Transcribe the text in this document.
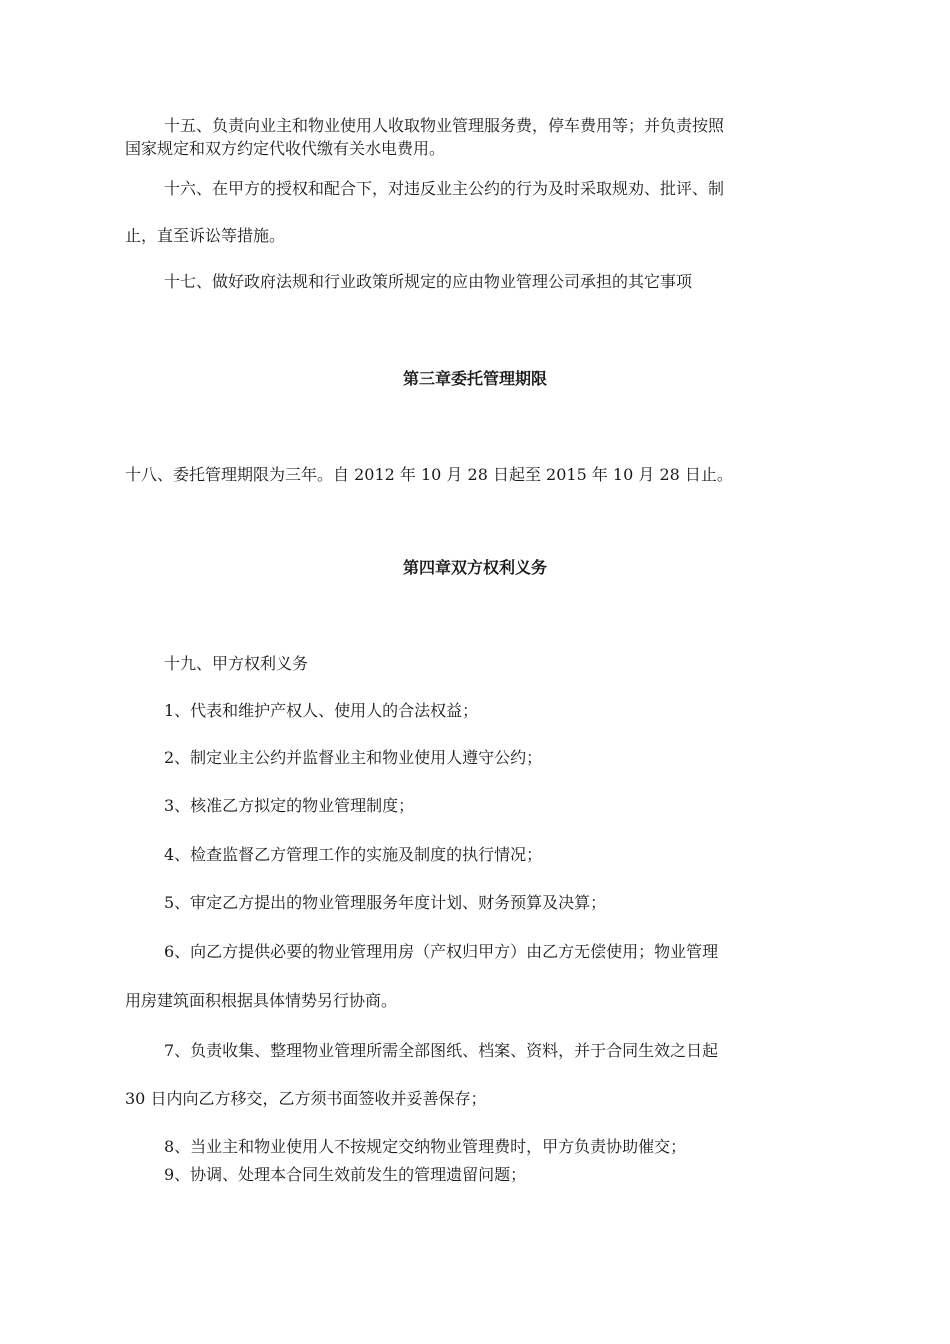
十五、负责向业主和物业使用人收取物业管理服务费，停车费用等；并负责按照
国家规定和双方约定代收代缴有关水电费用。
十六、在甲方的授权和配合下，对违反业主公约的行为及时采取规劝、批评、制
止，直至诉讼等措施。
十七、做好政府法规和行业政策所规定的应由物业管理公司承担的其它事项
第三章委托管理期限
十八、委托管理期限为三年。自 2012 年 10 月 28 日起至 2015 年 10 月 28 日止。
第四章双方权利义务
十九、甲方权利义务
1、代表和维护产权人、使用人的合法权益；
2、制定业主公约并监督业主和物业使用人遵守公约；
3、核准乙方拟定的物业管理制度；
4、检查监督乙方管理工作的实施及制度的执行情况；
5、审定乙方提出的物业管理服务年度计划、财务预算及决算；
6、向乙方提供必要的物业管理用房（产权归甲方）由乙方无偿使用；物业管理
用房建筑面积根据具体情势另行协商。
7、负责收集、整理物业管理所需全部图纸、档案、资料，并于合同生效之日起
30 日内向乙方移交，乙方须书面签收并妥善保存；
8、当业主和物业使用人不按规定交纳物业管理费时，甲方负责协助催交；
9、协调、处理本合同生效前发生的管理遗留问题；
